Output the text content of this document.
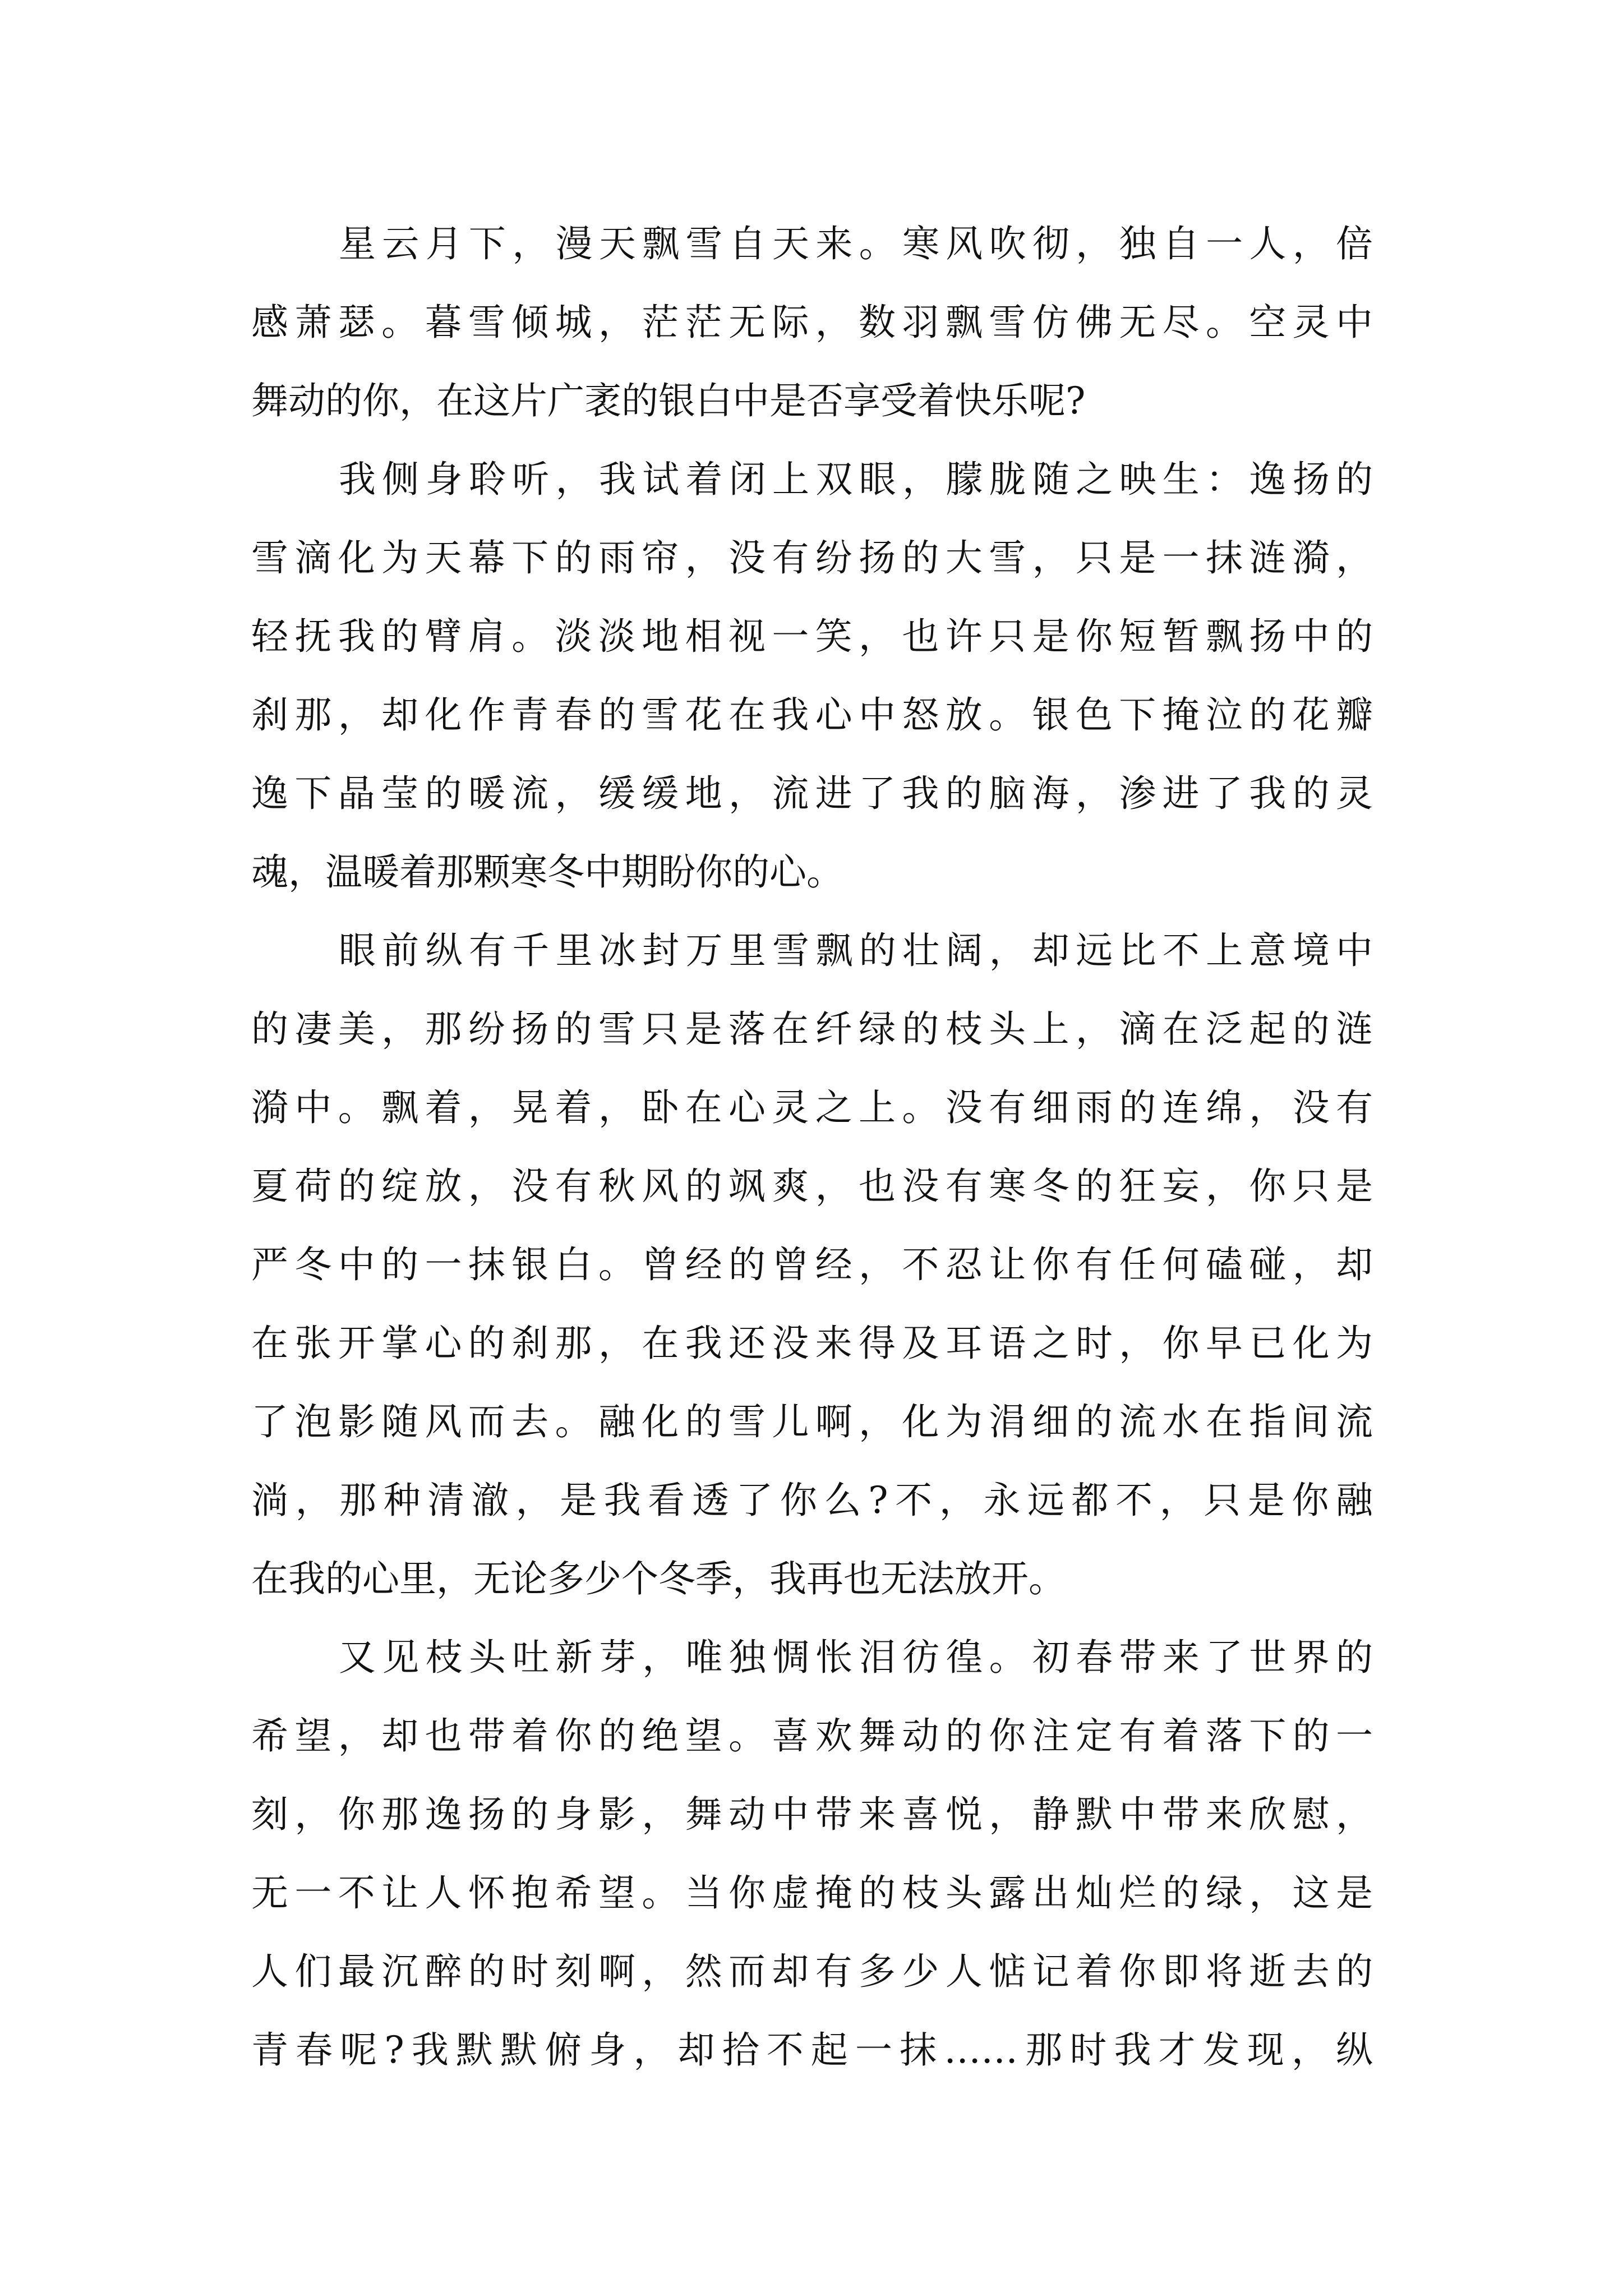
星云月下，漫天飘雪自天来。寒风吹彻，独自一人，倍

感萧瑟。暮雪倾城，茫茫无际，数羽飘雪仿佛无尽。空灵中

舞动的你，在这片广袤的银白中是否享受着快乐呢?

我侧身聆听，我试着闭上双眼，朦胧随之映生：逸扬的

雪滴化为天幕下的雨帘，没有纷扬的大雪，只是一抹涟漪，

轻抚我的臂肩。淡淡地相视一笑，也许只是你短暂飘扬中的

刹那，却化作青春的雪花在我心中怒放。银色下掩泣的花瓣

逸下晶莹的暖流，缓缓地，流进了我的脑海，渗进了我的灵

魂，温暖着那颗寒冬中期盼你的心。

眼前纵有千里冰封万里雪飘的壮阔，却远比不上意境中

的凄美，那纷扬的雪只是落在纤绿的枝头上，滴在泛起的涟

漪中。飘着，晃着，卧在心灵之上。没有细雨的连绵，没有

夏荷的绽放，没有秋风的飒爽，也没有寒冬的狂妄，你只是

严冬中的一抹银白。曾经的曾经，不忍让你有任何磕碰，却

在张开掌心的刹那，在我还没来得及耳语之时，你早已化为

了泡影随风而去。融化的雪儿啊，化为涓细的流水在指间流

淌，那种清澈，是我看透了你么?不，永远都不，只是你融

在我的心里，无论多少个冬季，我再也无法放开。

又见枝头吐新芽，唯独惆怅泪彷徨。初春带来了世界的

希望，却也带着你的绝望。喜欢舞动的你注定有着落下的一

刻，你那逸扬的身影，舞动中带来喜悦，静默中带来欣慰，

无一不让人怀抱希望。当你虚掩的枝头露出灿烂的绿，这是

人们最沉醉的时刻啊，然而却有多少人惦记着你即将逝去的

青春呢?我默默俯身，却拾不起一抹……那时我才发现，纵
